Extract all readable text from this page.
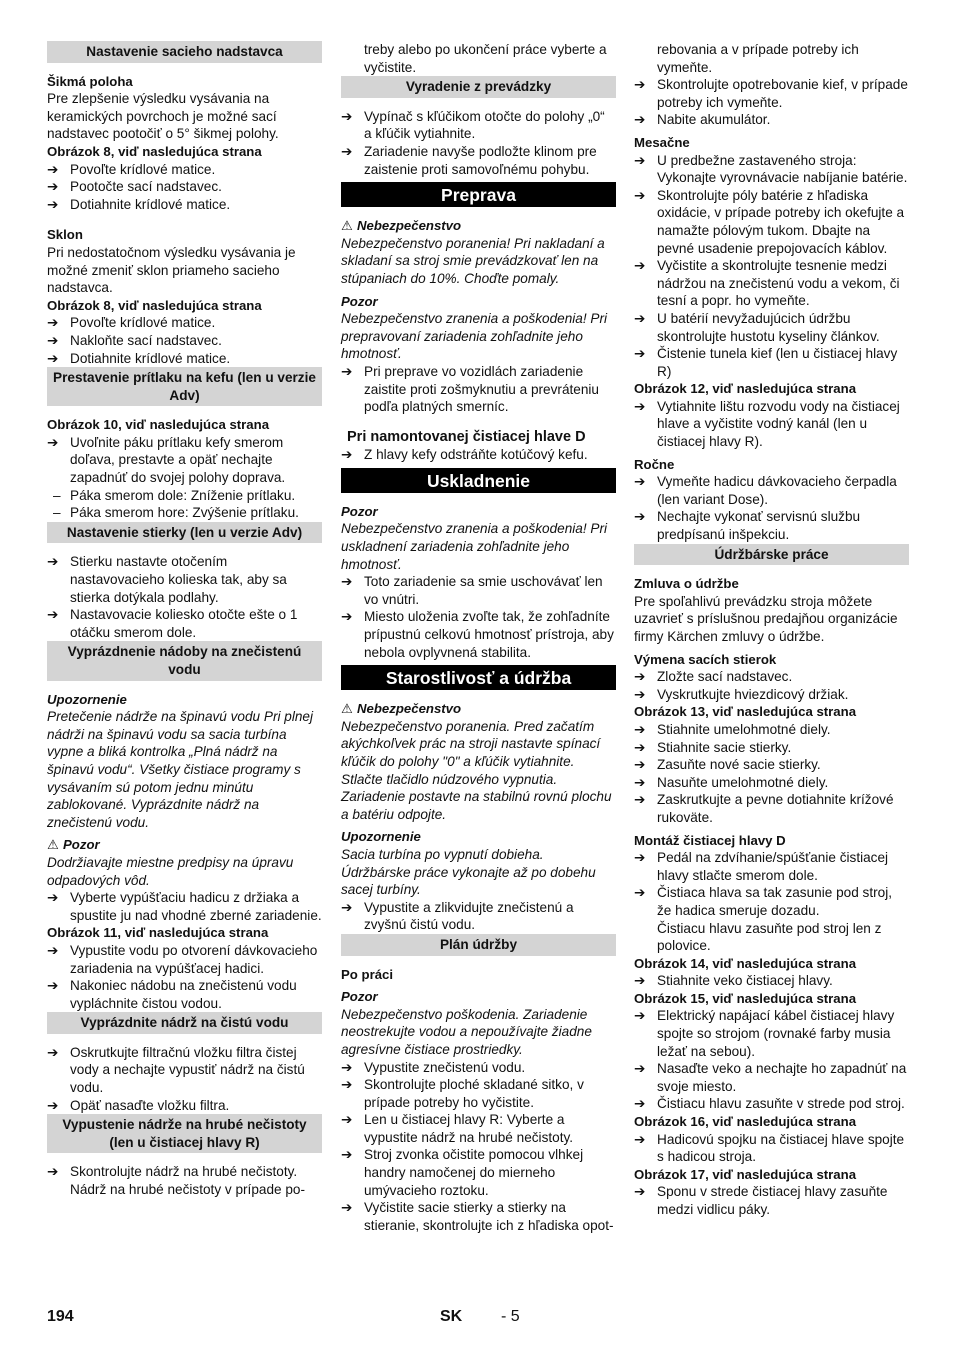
Nastavenie sacieho nadstavca
Šikmá poloha
Pre zlepšenie výsledku vysávania na keramických povrchoch je možné sací nadstavec pootočiť o 5° šikmej polohy.
Obrázok 8, viď nasledujúca strana
➔ Povoľte krídlové matice.
➔ Pootočte sací nadstavec.
➔ Dotiahnite krídlové matice.
Sklon
Pri nedostatočnom výsledku vysávania je možné zmeniť sklon priameho sacieho nadstavca.
Obrázok 8, viď nasledujúca strana
➔ Povoľte krídlové matice.
➔ Nakloňte sací nadstavec.
➔ Dotiahnite krídlové matice.
Prestavenie prítlaku na kefu (len u verzie Adv)
Obrázok 10, viď nasledujúca strana
➔ Uvoľnite páku prítlaku kefy smerom doľava, prestavte a opäť nechajte zapadnúť do svojej polohy doprava.
– Páka smerom dole: Zníženie prítlaku.
– Páka smerom hore: Zvýšenie prítlaku.
Nastavenie stierky (len u verzie Adv)
➔ Stierku nastavte otočením nastavovacieho kolieska tak, aby sa stierka dotýkala podlahy.
➔ Nastavovacie koliesko otočte ešte o 1 otáčku smerom dole.
Vyprázdnenie nádoby na znečistenú vodu
Upozornenie
Pretečenie nádrže na špinavú vodu Pri plnej nádrži na špinavú vodu sa sacia turbína vypne a bliká kontrolka „Plná nádrž na špinavú vodu“. Všetky čistiace programy s vysávaním sú potom jednu minútu zablokované. Vyprázdnite nádrž na znečistenú vodu.
⚠ Pozor
Dodržiavajte miestne predpisy na úpravu odpadových vôd.
➔ Vyberte vypúšťaciu hadicu z držiaka a spustite ju nad vhodné zberné zariadenie.
Obrázok 11, viď nasledujúca strana
➔ Vypustite vodu po otvorení dávkovacieho zariadenia na vypúšťacej hadici.
➔ Nakoniec nádobu na znečistenú vodu vypláchnite čistou vodou.
Vyprázdnite nádrž na čistú vodu
➔ Oskrutkujte filtračnú vložku filtra čistej vody a nechajte vypustiť nádrž na čistú vodu.
➔ Opäť nasaďte vložku filtra.
Vypustenie nádrže na hrubé nečistoty (len u čistiacej hlavy R)
➔ Skontrolujte nádrž na hrubé nečistoty. Nádrž na hrubé nečistoty v prípade po-
treby alebo po ukončení práce vyberte a vyčistite.
Vyradenie z prevádzky
➔ Vypínač s kľúčikom otočte do polohy „0“ a kľúčik vytiahnite.
➔ Zariadenie navyše podložte klinom pre zaistenie proti samovoľnému pohybu.
Preprava
⚠ Nebezpečenstvo
Nebezpečenstvo poranenia! Pri nakladaní a skladaní sa stroj smie prevádzkovať len na stúpaniach do 10%. Choďte pomaly.
Pozor
Nebezpečenstvo zranenia a poškodenia! Pri prepravovaní zariadenia zohľadnite jeho hmotnosť.
➔ Pri preprave vo vozidlách zariadenie zaistite proti zošmyknutiu a prevráteniu podľa platných smerníc.
Pri namontovanej čistiacej hlave D
➔ Z hlavy kefy odstráňte kotúčový kefu.
Uskladnenie
Pozor
Nebezpečenstvo zranenia a poškodenia! Pri uskladnení zariadenia zohľadnite jeho hmotnosť.
➔ Toto zariadenie sa smie uschovávať len vo vnútri.
➔ Miesto uloženia zvoľte tak, že zohľadníte prípustnú celkovú hmotnosť prístroja, aby nebola ovplyvnená stabilita.
Starostlivosť a údržba
⚠ Nebezpečenstvo
Nebezpečenstvo poranenia. Pred začatím akýchkoľvek prác na stroji nastavte spínací kľúčik do polohy "0" a kľúčik vytiahnite. Stlačte tlačidlo núdzového vypnutia. Zariadenie postavte na stabilnú rovnú plochu a batériu odpojte.
Upozornenie
Sacia turbína po vypnutí dobieha. Údržbárske práce vykonajte až po dobehu sacej turbíny.
➔ Vypustite a zlikvidujte znečistenú a zvyšnú čistú vodu.
Plán údržby
Po práci
Pozor
Nebezpečenstvo poškodenia. Zariadenie neostrekujte vodou a nepoužívajte žiadne agresívne čistiace prostriedky.
➔ Vypustite znečistenú vodu.
➔ Skontrolujte ploché skladané sitko, v prípade potreby ho vyčistite.
➔ Len u čistiacej hlavy R: Vyberte a vypustite nádrž na hrubé nečistoty.
➔ Stroj zvonka očistite pomocou vlhkej handry namočenej do mierneho umývacieho roztoku.
➔ Vyčistite sacie stierky a stierky na stieranie, skontrolujte ich z hľadiska opot-
rebovania a v prípade potreby ich vymeňte.
➔ Skontrolujte opotrebovanie kief, v prípade potreby ich vymeňte.
➔ Nabite akumulátor.
Mesačne
➔ U predbežne zastaveného stroja: Vykonajte vyrovnávacie nabíjanie batérie.
➔ Skontrolujte póly batérie z hľadiska oxidácie, v prípade potreby ich okefujte a namažte pólovým tukom. Dbajte na pevné usadenie prepojovacích káblov.
➔ Vyčistite a skontrolujte tesnenie medzi nádržou na znečistenú vodu a vekom, či tesní a popr. ho vymeňte.
➔ U batérií nevyžadujúcich údržbu skontrolujte hustotu kyseliny článkov.
➔ Čistenie tunela kief (len u čistiacej hlavy R)
Obrázok 12, viď nasledujúca strana
➔ Vytiahnite lištu rozvodu vody na čistiacej hlave a vyčistite vodný kanál (len u čistiacej hlavy R).
Ročne
➔ Vymeňte hadicu dávkovacieho čerpadla (len variant Dose).
➔ Nechajte vykonať servisnú službu predpísanú inšpekciu.
Údržbárske práce
Zmluva o údržbe
Pre spoľahlivú prevádzku stroja môžete uzavrieť s príslušnou predajňou organizácie firmy Kärchen zmluvy o údržbe.
Výmena sacích stierok
➔ Zložte sací nadstavec.
➔ Vyskrutkujte hviezdicový držiak.
Obrázok 13, viď nasledujúca strana
➔ Stiahnite umelohmotné diely.
➔ Stiahnite sacie stierky.
➔ Zasuňte nové sacie stierky.
➔ Nasuňte umelohmotné diely.
➔ Zaskrutkujte a pevne dotiahnite krížové rukoväte.
Montáž čistiacej hlavy D
➔ Pedál na zdvíhanie/spúšťanie čistiacej hlavy stlačte smerom dole.
➔ Čistiaca hlava sa tak zasunie pod stroj, že hadica smeruje dozadu.
Čistiacu hlavu zasuňte pod stroj len z polovice.
Obrázok 14, viď nasledujúca strana
➔ Stiahnite veko čistiacej hlavy.
Obrázok 15, viď nasledujúca strana
➔ Elektrický napájací kábel čistiacej hlavy spojte so strojom (rovnaké farby musia ležať na sebou).
➔ Nasaďte veko a nechajte ho zapadnúť na svoje miesto.
➔ Čistiacu hlavu zasuňte v strede pod stroj.
Obrázok 16, viď nasledujúca strana
➔ Hadicovú spojku na čistiacej hlave spojte s hadicou stroja.
Obrázok 17, viď nasledujúca strana
➔ Sponu v strede čistiacej hlavy zasuňte medzi vidlicu páky.
194	SK - 5
